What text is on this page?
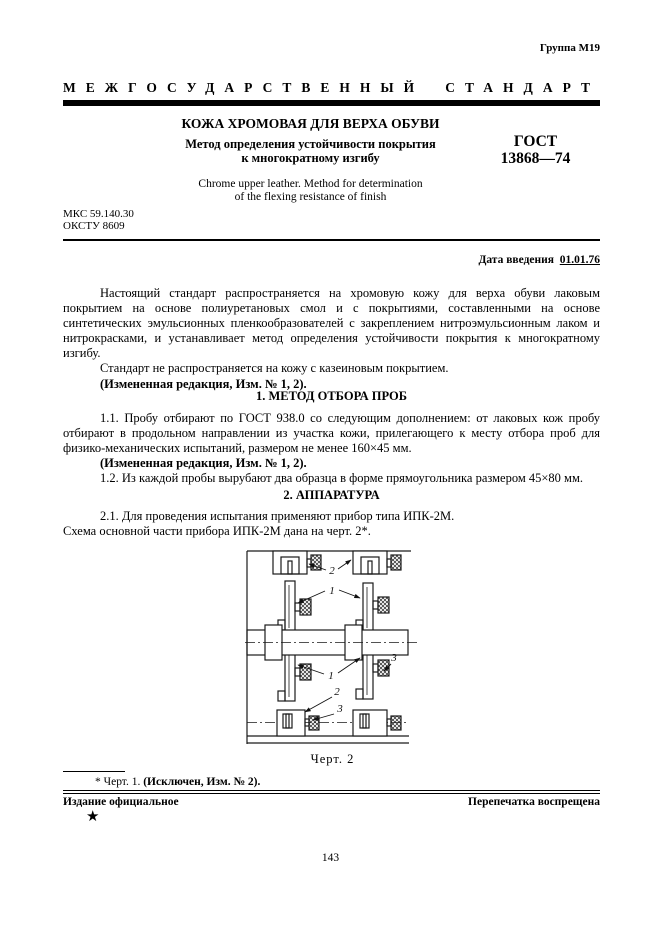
Группа М19
МЕЖГОСУДАРСТВЕННЫЙ СТАНДАРТ
КОЖА ХРОМОВАЯ ДЛЯ ВЕРХА ОБУВИ
Метод определения устойчивости покрытия
к многократному изгибу
ГОСТ
13868—74
Chrome upper leather. Method for determination
of the flexing resistance of finish
МКС 59.140.30
ОКСТУ 8609
Дата введения 01.01.76

Настоящий стандарт распространяется на хромовую кожу для верха обуви лаковым покрытием на основе полиуретановых смол и с покрытиями, составленными на основе синтетических эмульсионных пленкообразователей с закреплением нитроэмульсионным лаком и нитрокрасками, и устанавливает метод определения устойчивости покрытия к многократному изгибу.

Стандарт не распространяется на кожу с казеиновым покрытием.

(Измененная редакция, Изм. № 1, 2).

1. МЕТОД ОТБОРА ПРОБ

1.1. Пробу отбирают по ГОСТ 938.0 со следующим дополнением: от лаковых кож пробу отбирают в продольном направлении из участка кожи, прилегающего к месту отбора проб для физико-механических испытаний, размером не менее 160×45 мм.

(Измененная редакция, Изм. № 1, 2).

1.2. Из каждой пробы вырубают два образца в форме прямоугольника размером 45×80 мм.

2. АППАРАТУРА

2.1. Для проведения испытания применяют прибор типа ИПК-2М.

Схема основной части прибора ИПК-2М дана на черт. 2*.

2
1
3
1
2
3
Черт. 2
* Черт. 1. (Исключен, Изм. № 2).
Издание официальное	Перепечатка воспрещена
★
143
